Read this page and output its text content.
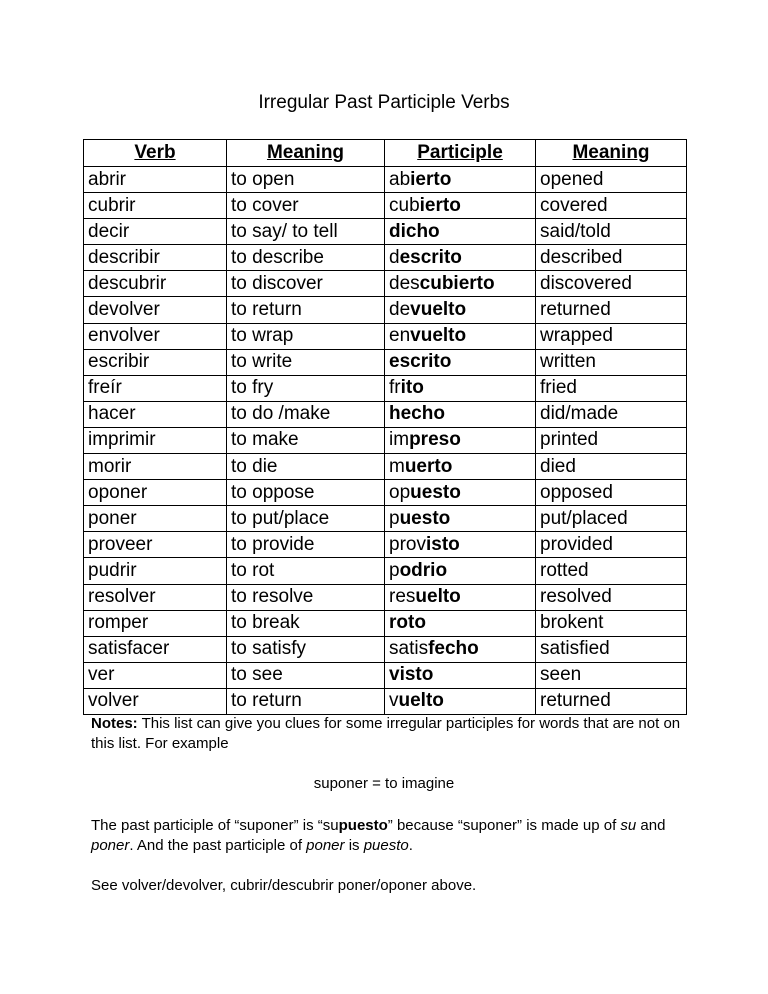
Irregular Past Participle Verbs
Verb	Meaning	Participle	Meaning
abrir	to open	abierto	opened
cubrir	to cover	cubierto	covered
decir	to say/ to tell	dicho	said/told
describir	to describe	descrito	described
descubrir	to discover	descubierto	discovered
devolver	to return	devuelto	returned
envolver	to wrap	envuelto	wrapped
escribir	to write	escrito	written
freír	to fry	frito	fried
hacer	to do /make	hecho	did/made
imprimir	to make	impreso	printed
morir	to die	muerto	died
oponer	to oppose	opuesto	opposed
poner	to put/place	puesto	put/placed
proveer	to provide	provisto	provided
pudrir	to rot	podrio	rotted
resolver	to resolve	resuelto	resolved
romper	to break	roto	brokent
satisfacer	to satisfy	satisfecho	satisfied
ver	to see	visto	seen
volver	to return	vuelto	returned
Notes: This list can give you clues for some irregular participles for words that are not on this list. For example
suponer = to imagine
The past participle of “suponer” is “supuesto” because “suponer” is made up of su and poner. And the past participle of poner is puesto.
See volver/devolver, cubrir/descubrir poner/oponer above.
